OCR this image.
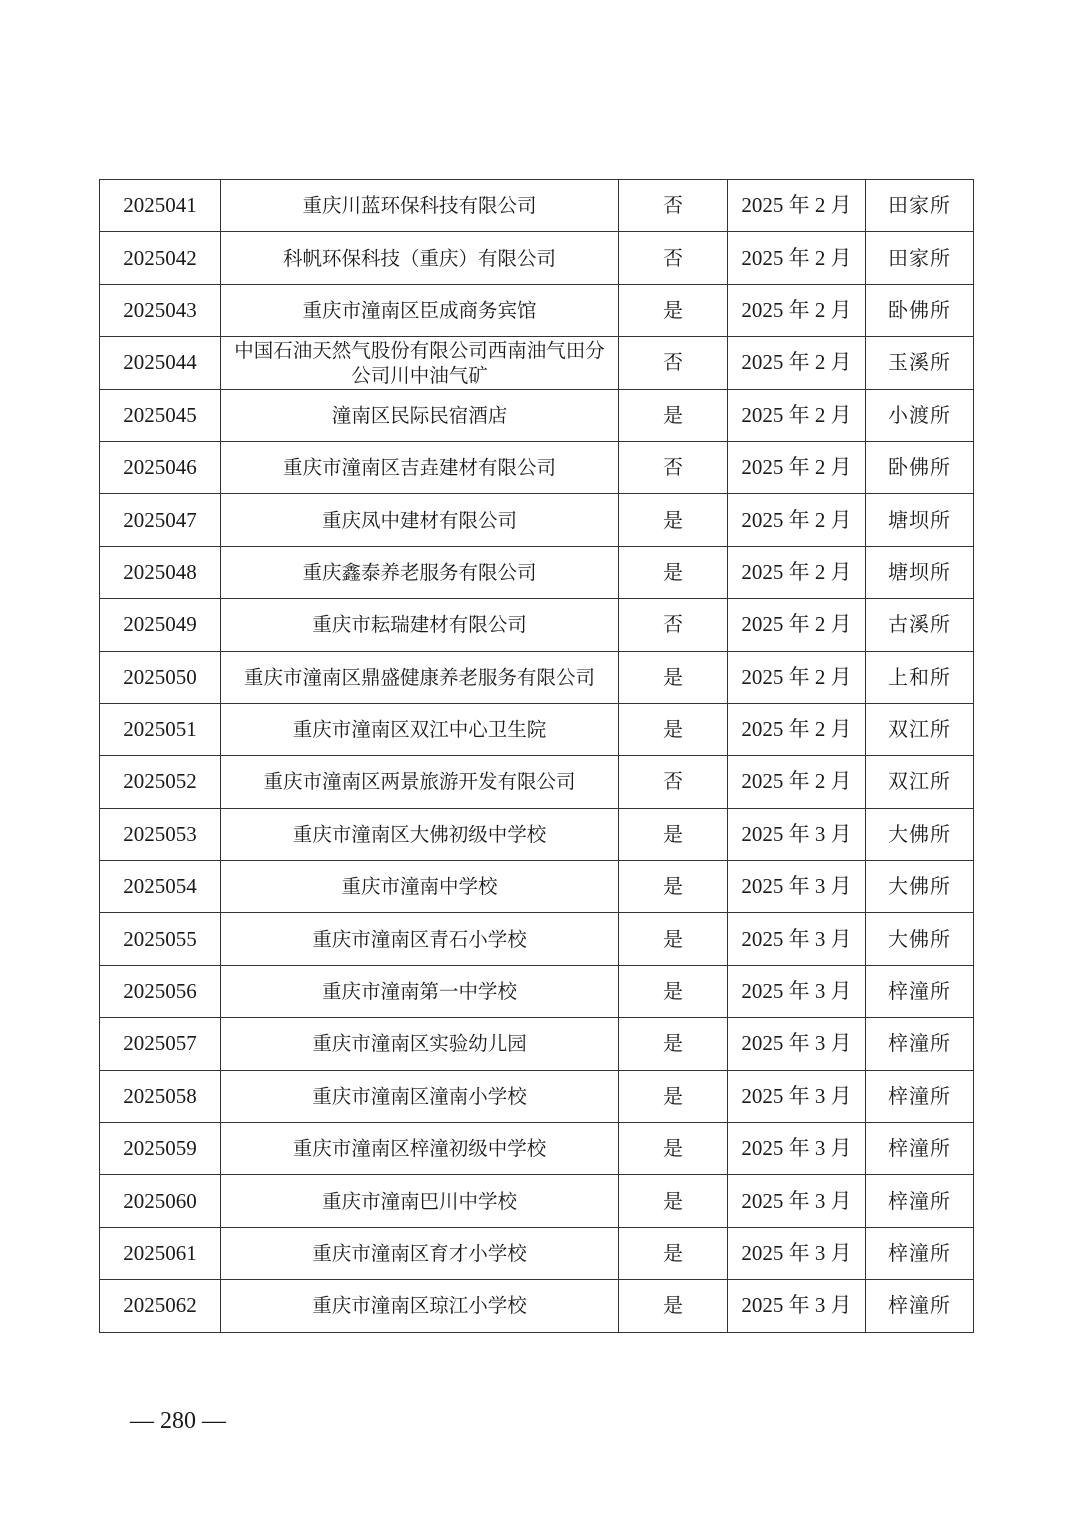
2025041	重庆川蓝环保科技有限公司	否	2025 年 2 月	田家所
2025042	科帆环保科技（重庆）有限公司	否	2025 年 2 月	田家所
2025043	重庆市潼南区臣成商务宾馆	是	2025 年 2 月	卧佛所
2025044	中国石油天然气股份有限公司西南油气田分公司川中油气矿	否	2025 年 2 月	玉溪所
2025045	潼南区民际民宿酒店	是	2025 年 2 月	小渡所
2025046	重庆市潼南区吉垚建材有限公司	否	2025 年 2 月	卧佛所
2025047	重庆凤中建材有限公司	是	2025 年 2 月	塘坝所
2025048	重庆鑫泰养老服务有限公司	是	2025 年 2 月	塘坝所
2025049	重庆市耘瑞建材有限公司	否	2025 年 2 月	古溪所
2025050	重庆市潼南区鼎盛健康养老服务有限公司	是	2025 年 2 月	上和所
2025051	重庆市潼南区双江中心卫生院	是	2025 年 2 月	双江所
2025052	重庆市潼南区两景旅游开发有限公司	否	2025 年 2 月	双江所
2025053	重庆市潼南区大佛初级中学校	是	2025 年 3 月	大佛所
2025054	重庆市潼南中学校	是	2025 年 3 月	大佛所
2025055	重庆市潼南区青石小学校	是	2025 年 3 月	大佛所
2025056	重庆市潼南第一中学校	是	2025 年 3 月	梓潼所
2025057	重庆市潼南区实验幼儿园	是	2025 年 3 月	梓潼所
2025058	重庆市潼南区潼南小学校	是	2025 年 3 月	梓潼所
2025059	重庆市潼南区梓潼初级中学校	是	2025 年 3 月	梓潼所
2025060	重庆市潼南巴川中学校	是	2025 年 3 月	梓潼所
2025061	重庆市潼南区育才小学校	是	2025 年 3 月	梓潼所
2025062	重庆市潼南区琼江小学校	是	2025 年 3 月	梓潼所
— 280 —
